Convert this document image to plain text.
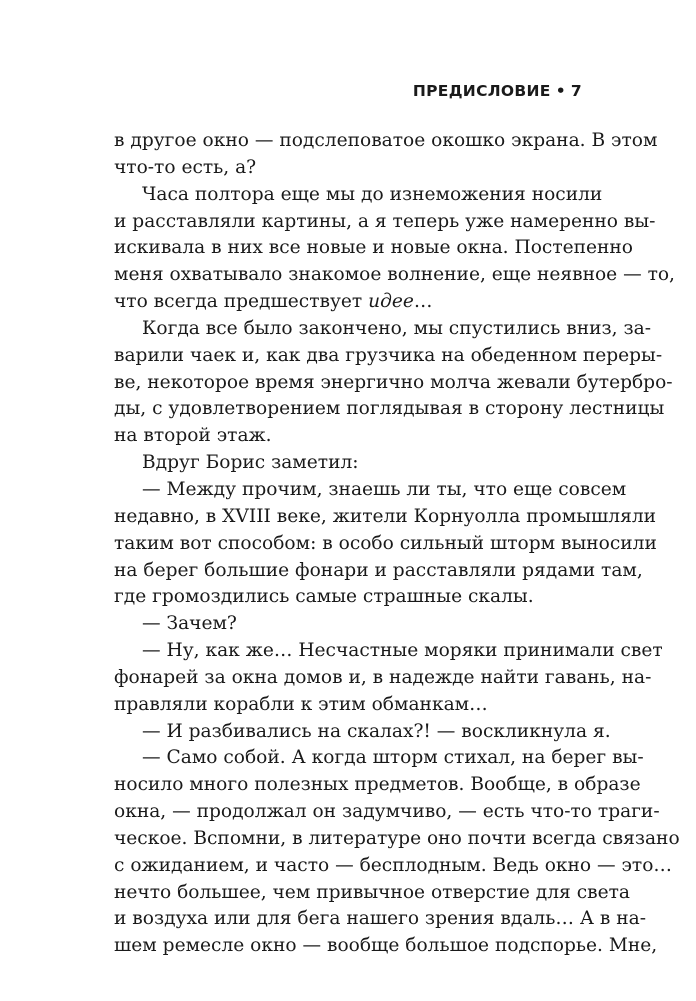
ПРЕДИСЛОВИЕ • 7
в другое окно — подслеповатое окошко экрана. В этом
что-то есть, а?
Часа полтора еще мы до изнеможения носили
и расставляли картины, а я теперь уже намеренно вы-
искивала в них все новые и новые окна. Постепенно
меня охватывало знакомое волнение, еще неявное — то,
что всегда предшествует идее…
Когда все было закончено, мы спустились вниз, за-
варили чаек и, как два грузчика на обеденном переры-
ве, некоторое время энергично молча жевали бутербро-
ды, с удовлетворением поглядывая в сторону лестницы
на второй этаж.
Вдруг Борис заметил:
— Между прочим, знаешь ли ты, что еще совсем
недавно, в XVIII веке, жители Корнуолла промышляли
таким вот способом: в особо сильный шторм выносили
на берег большие фонари и расставляли рядами там,
где громоздились самые страшные скалы.
— Зачем?
— Ну, как же… Несчастные моряки принимали свет
фонарей за окна домов и, в надежде найти гавань, на-
правляли корабли к этим обманкам…
— И разбивались на скалах?! — воскликнула я.
— Само собой. А когда шторм стихал, на берег вы-
носило много полезных предметов. Вообще, в образе
окна, — продолжал он задумчиво, — есть что-то траги-
ческое. Вспомни, в литературе оно почти всегда связано
с ожиданием, и часто — бесплодным. Ведь окно — это…
нечто большее, чем привычное отверстие для света
и воздуха или для бега нашего зрения вдаль… А в на-
шем ремесле окно — вообще большое подспорье. Мне,
